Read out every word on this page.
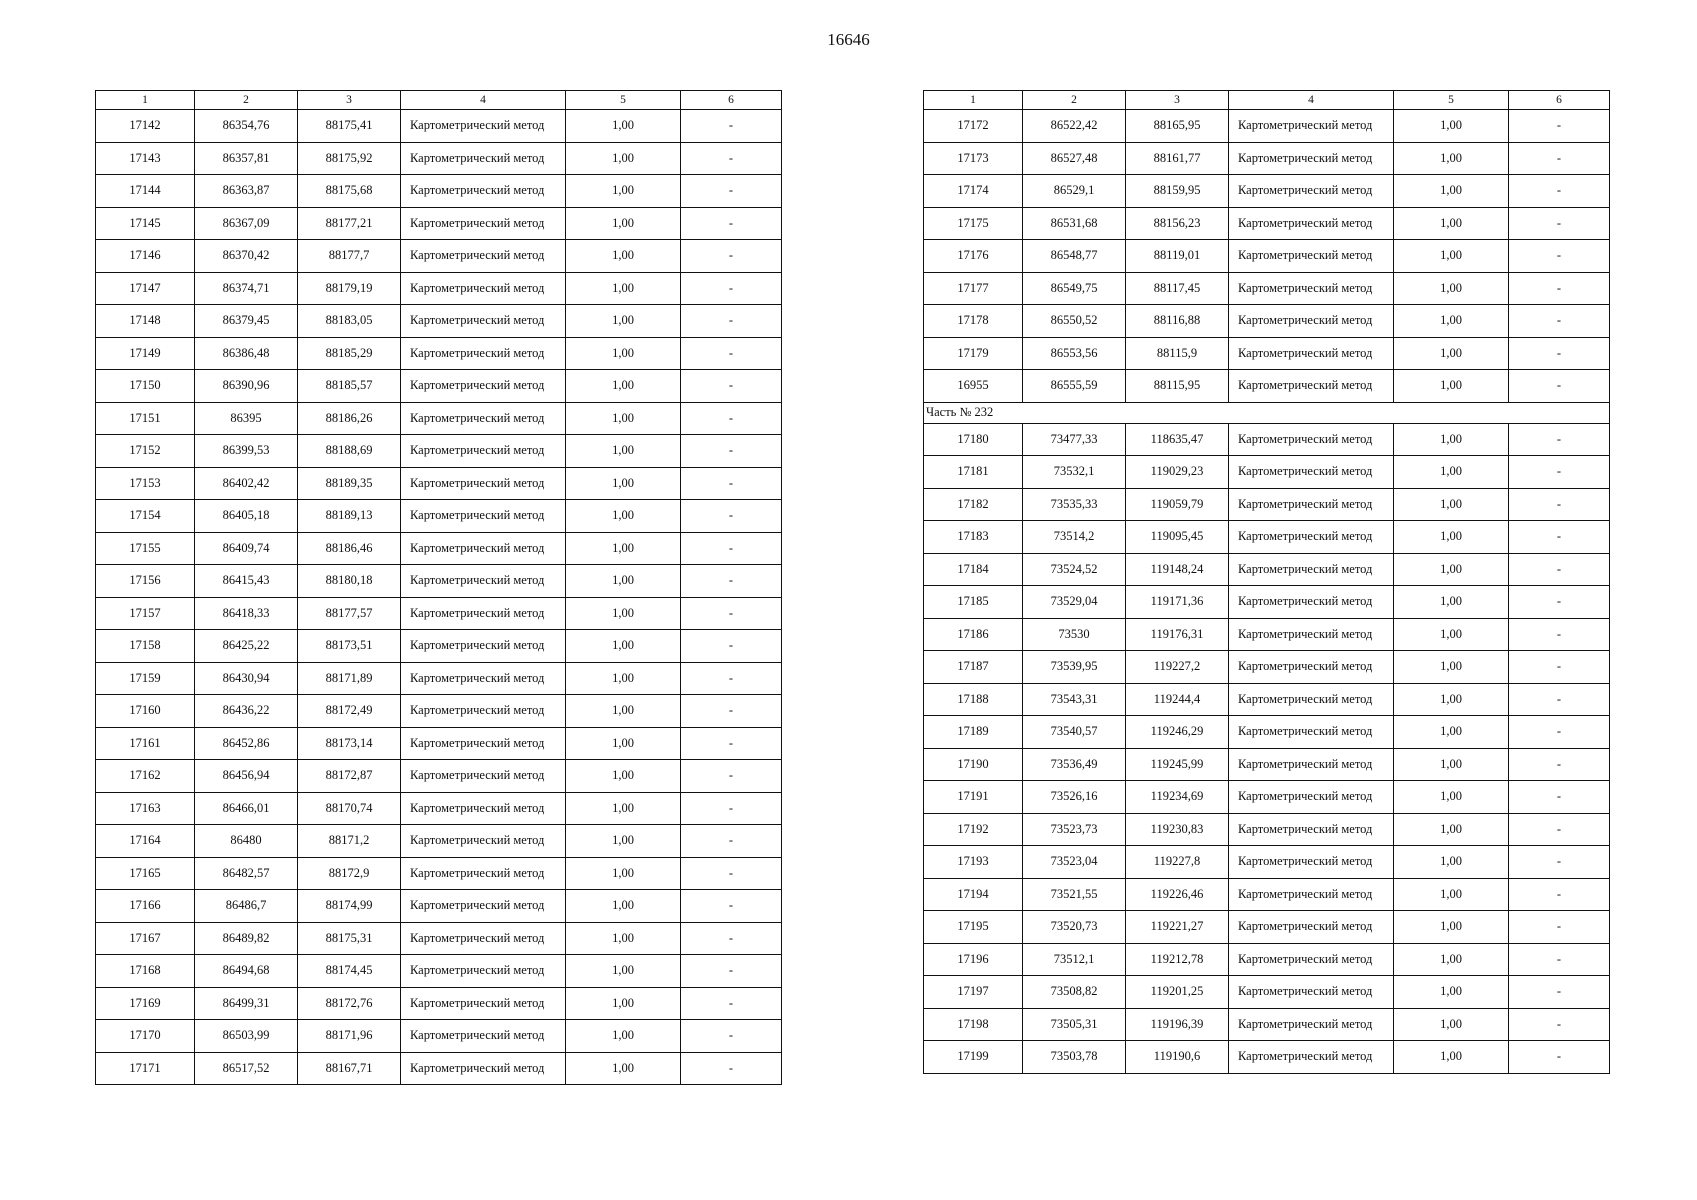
16646
1	2	3	4	5	6
17142	86354,76	88175,41	Картометрический метод	1,00	-
17143	86357,81	88175,92	Картометрический метод	1,00	-
17144	86363,87	88175,68	Картометрический метод	1,00	-
17145	86367,09	88177,21	Картометрический метод	1,00	-
17146	86370,42	88177,7	Картометрический метод	1,00	-
17147	86374,71	88179,19	Картометрический метод	1,00	-
17148	86379,45	88183,05	Картометрический метод	1,00	-
17149	86386,48	88185,29	Картометрический метод	1,00	-
17150	86390,96	88185,57	Картометрический метод	1,00	-
17151	86395	88186,26	Картометрический метод	1,00	-
17152	86399,53	88188,69	Картометрический метод	1,00	-
17153	86402,42	88189,35	Картометрический метод	1,00	-
17154	86405,18	88189,13	Картометрический метод	1,00	-
17155	86409,74	88186,46	Картометрический метод	1,00	-
17156	86415,43	88180,18	Картометрический метод	1,00	-
17157	86418,33	88177,57	Картометрический метод	1,00	-
17158	86425,22	88173,51	Картометрический метод	1,00	-
17159	86430,94	88171,89	Картометрический метод	1,00	-
17160	86436,22	88172,49	Картометрический метод	1,00	-
17161	86452,86	88173,14	Картометрический метод	1,00	-
17162	86456,94	88172,87	Картометрический метод	1,00	-
17163	86466,01	88170,74	Картометрический метод	1,00	-
17164	86480	88171,2	Картометрический метод	1,00	-
17165	86482,57	88172,9	Картометрический метод	1,00	-
17166	86486,7	88174,99	Картометрический метод	1,00	-
17167	86489,82	88175,31	Картометрический метод	1,00	-
17168	86494,68	88174,45	Картометрический метод	1,00	-
17169	86499,31	88172,76	Картометрический метод	1,00	-
17170	86503,99	88171,96	Картометрический метод	1,00	-
17171	86517,52	88167,71	Картометрический метод	1,00	-
1	2	3	4	5	6
17172	86522,42	88165,95	Картометрический метод	1,00	-
17173	86527,48	88161,77	Картометрический метод	1,00	-
17174	86529,1	88159,95	Картометрический метод	1,00	-
17175	86531,68	88156,23	Картометрический метод	1,00	-
17176	86548,77	88119,01	Картометрический метод	1,00	-
17177	86549,75	88117,45	Картометрический метод	1,00	-
17178	86550,52	88116,88	Картометрический метод	1,00	-
17179	86553,56	88115,9	Картометрический метод	1,00	-
16955	86555,59	88115,95	Картометрический метод	1,00	-
Часть № 232					
17180	73477,33	118635,47	Картометрический метод	1,00	-
17181	73532,1	119029,23	Картометрический метод	1,00	-
17182	73535,33	119059,79	Картометрический метод	1,00	-
17183	73514,2	119095,45	Картометрический метод	1,00	-
17184	73524,52	119148,24	Картометрический метод	1,00	-
17185	73529,04	119171,36	Картометрический метод	1,00	-
17186	73530	119176,31	Картометрический метод	1,00	-
17187	73539,95	119227,2	Картометрический метод	1,00	-
17188	73543,31	119244,4	Картометрический метод	1,00	-
17189	73540,57	119246,29	Картометрический метод	1,00	-
17190	73536,49	119245,99	Картометрический метод	1,00	-
17191	73526,16	119234,69	Картометрический метод	1,00	-
17192	73523,73	119230,83	Картометрический метод	1,00	-
17193	73523,04	119227,8	Картометрический метод	1,00	-
17194	73521,55	119226,46	Картометрический метод	1,00	-
17195	73520,73	119221,27	Картометрический метод	1,00	-
17196	73512,1	119212,78	Картометрический метод	1,00	-
17197	73508,82	119201,25	Картометрический метод	1,00	-
17198	73505,31	119196,39	Картометрический метод	1,00	-
17199	73503,78	119190,6	Картометрический метод	1,00	-
